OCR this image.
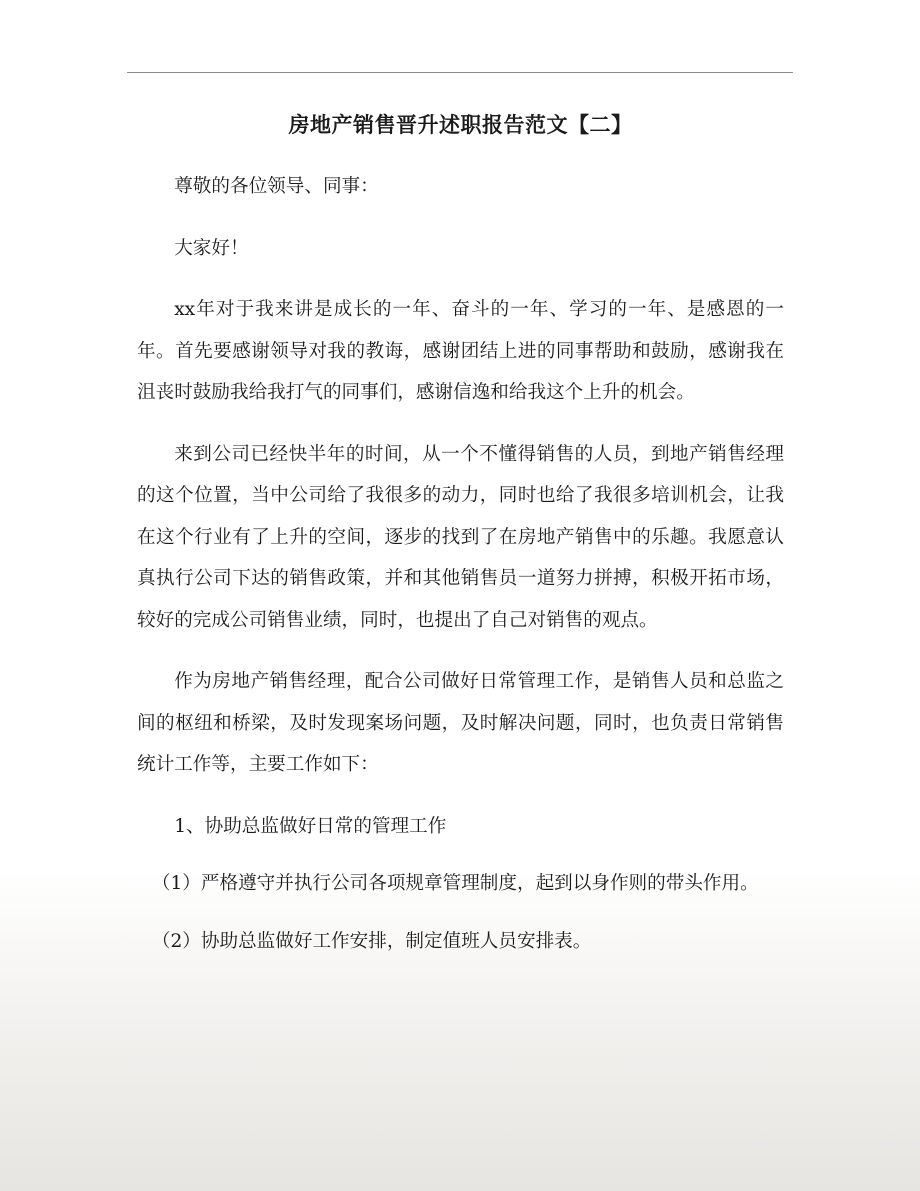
房地产销售晋升述职报告范文【二】

尊敬的各位领导、同事：

大家好！

xx年对于我来讲是成长的一年、奋斗的一年、学习的一年、是感恩的一年。首先要感谢领导对我的教诲，感谢团结上进的同事帮助和鼓励，感谢我在沮丧时鼓励我给我打气的同事们，感谢信逸和给我这个上升的机会。

来到公司已经快半年的时间，从一个不懂得销售的人员，到地产销售经理的这个位置，当中公司给了我很多的动力，同时也给了我很多培训机会，让我在这个行业有了上升的空间，逐步的找到了在房地产销售中的乐趣。我愿意认真执行公司下达的销售政策，并和其他销售员一道努力拼搏，积极开拓市场，较好的完成公司销售业绩，同时，也提出了自己对销售的观点。

作为房地产销售经理，配合公司做好日常管理工作，是销售人员和总监之间的枢纽和桥梁，及时发现案场问题，及时解决问题，同时，也负责日常销售统计工作等，主要工作如下：

1、协助总监做好日常的管理工作

（1）严格遵守并执行公司各项规章管理制度，起到以身作则的带头作用。

（2）协助总监做好工作安排，制定值班人员安排表。
